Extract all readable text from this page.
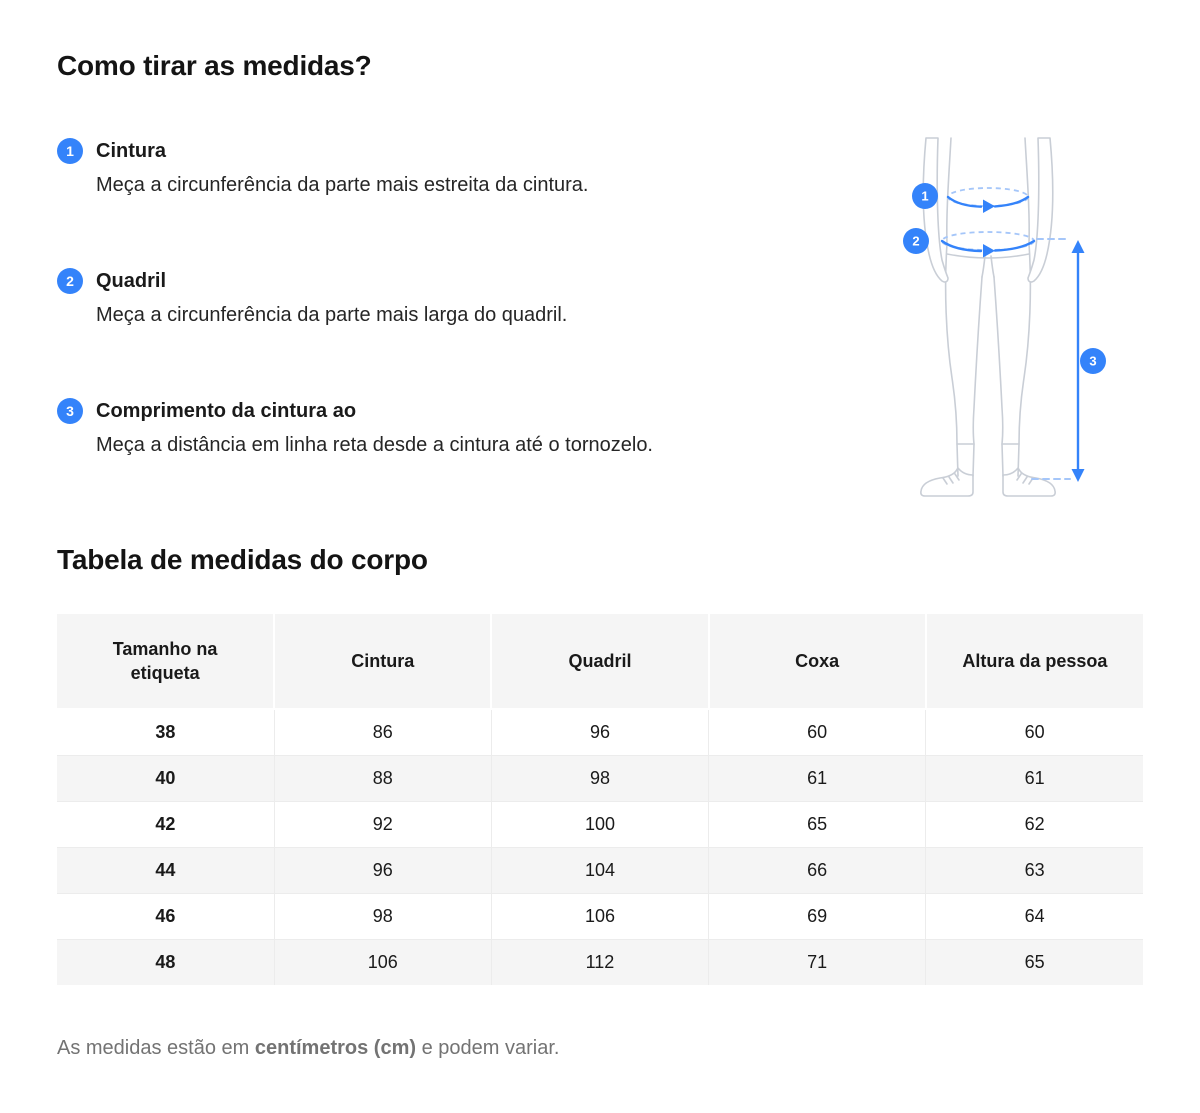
Como tirar as medidas?
1	Cintura

Meça a circunferência da parte mais estreita da cintura.

2	Quadril

Meça a circunferência da parte mais larga do quadril.

3	Comprimento da cintura ao

Meça a distância em linha reta desde a cintura até o tornozelo.

1
2
3
Tabela de medidas do corpo
Tamanho na etiqueta	Cintura	Quadril	Coxa	Altura da pessoa
38	86	96	60	60
40	88	98	61	61
42	92	100	65	62
44	96	104	66	63
46	98	106	69	64
48	106	112	71	65

As medidas estão em centímetros (cm) e podem variar.
